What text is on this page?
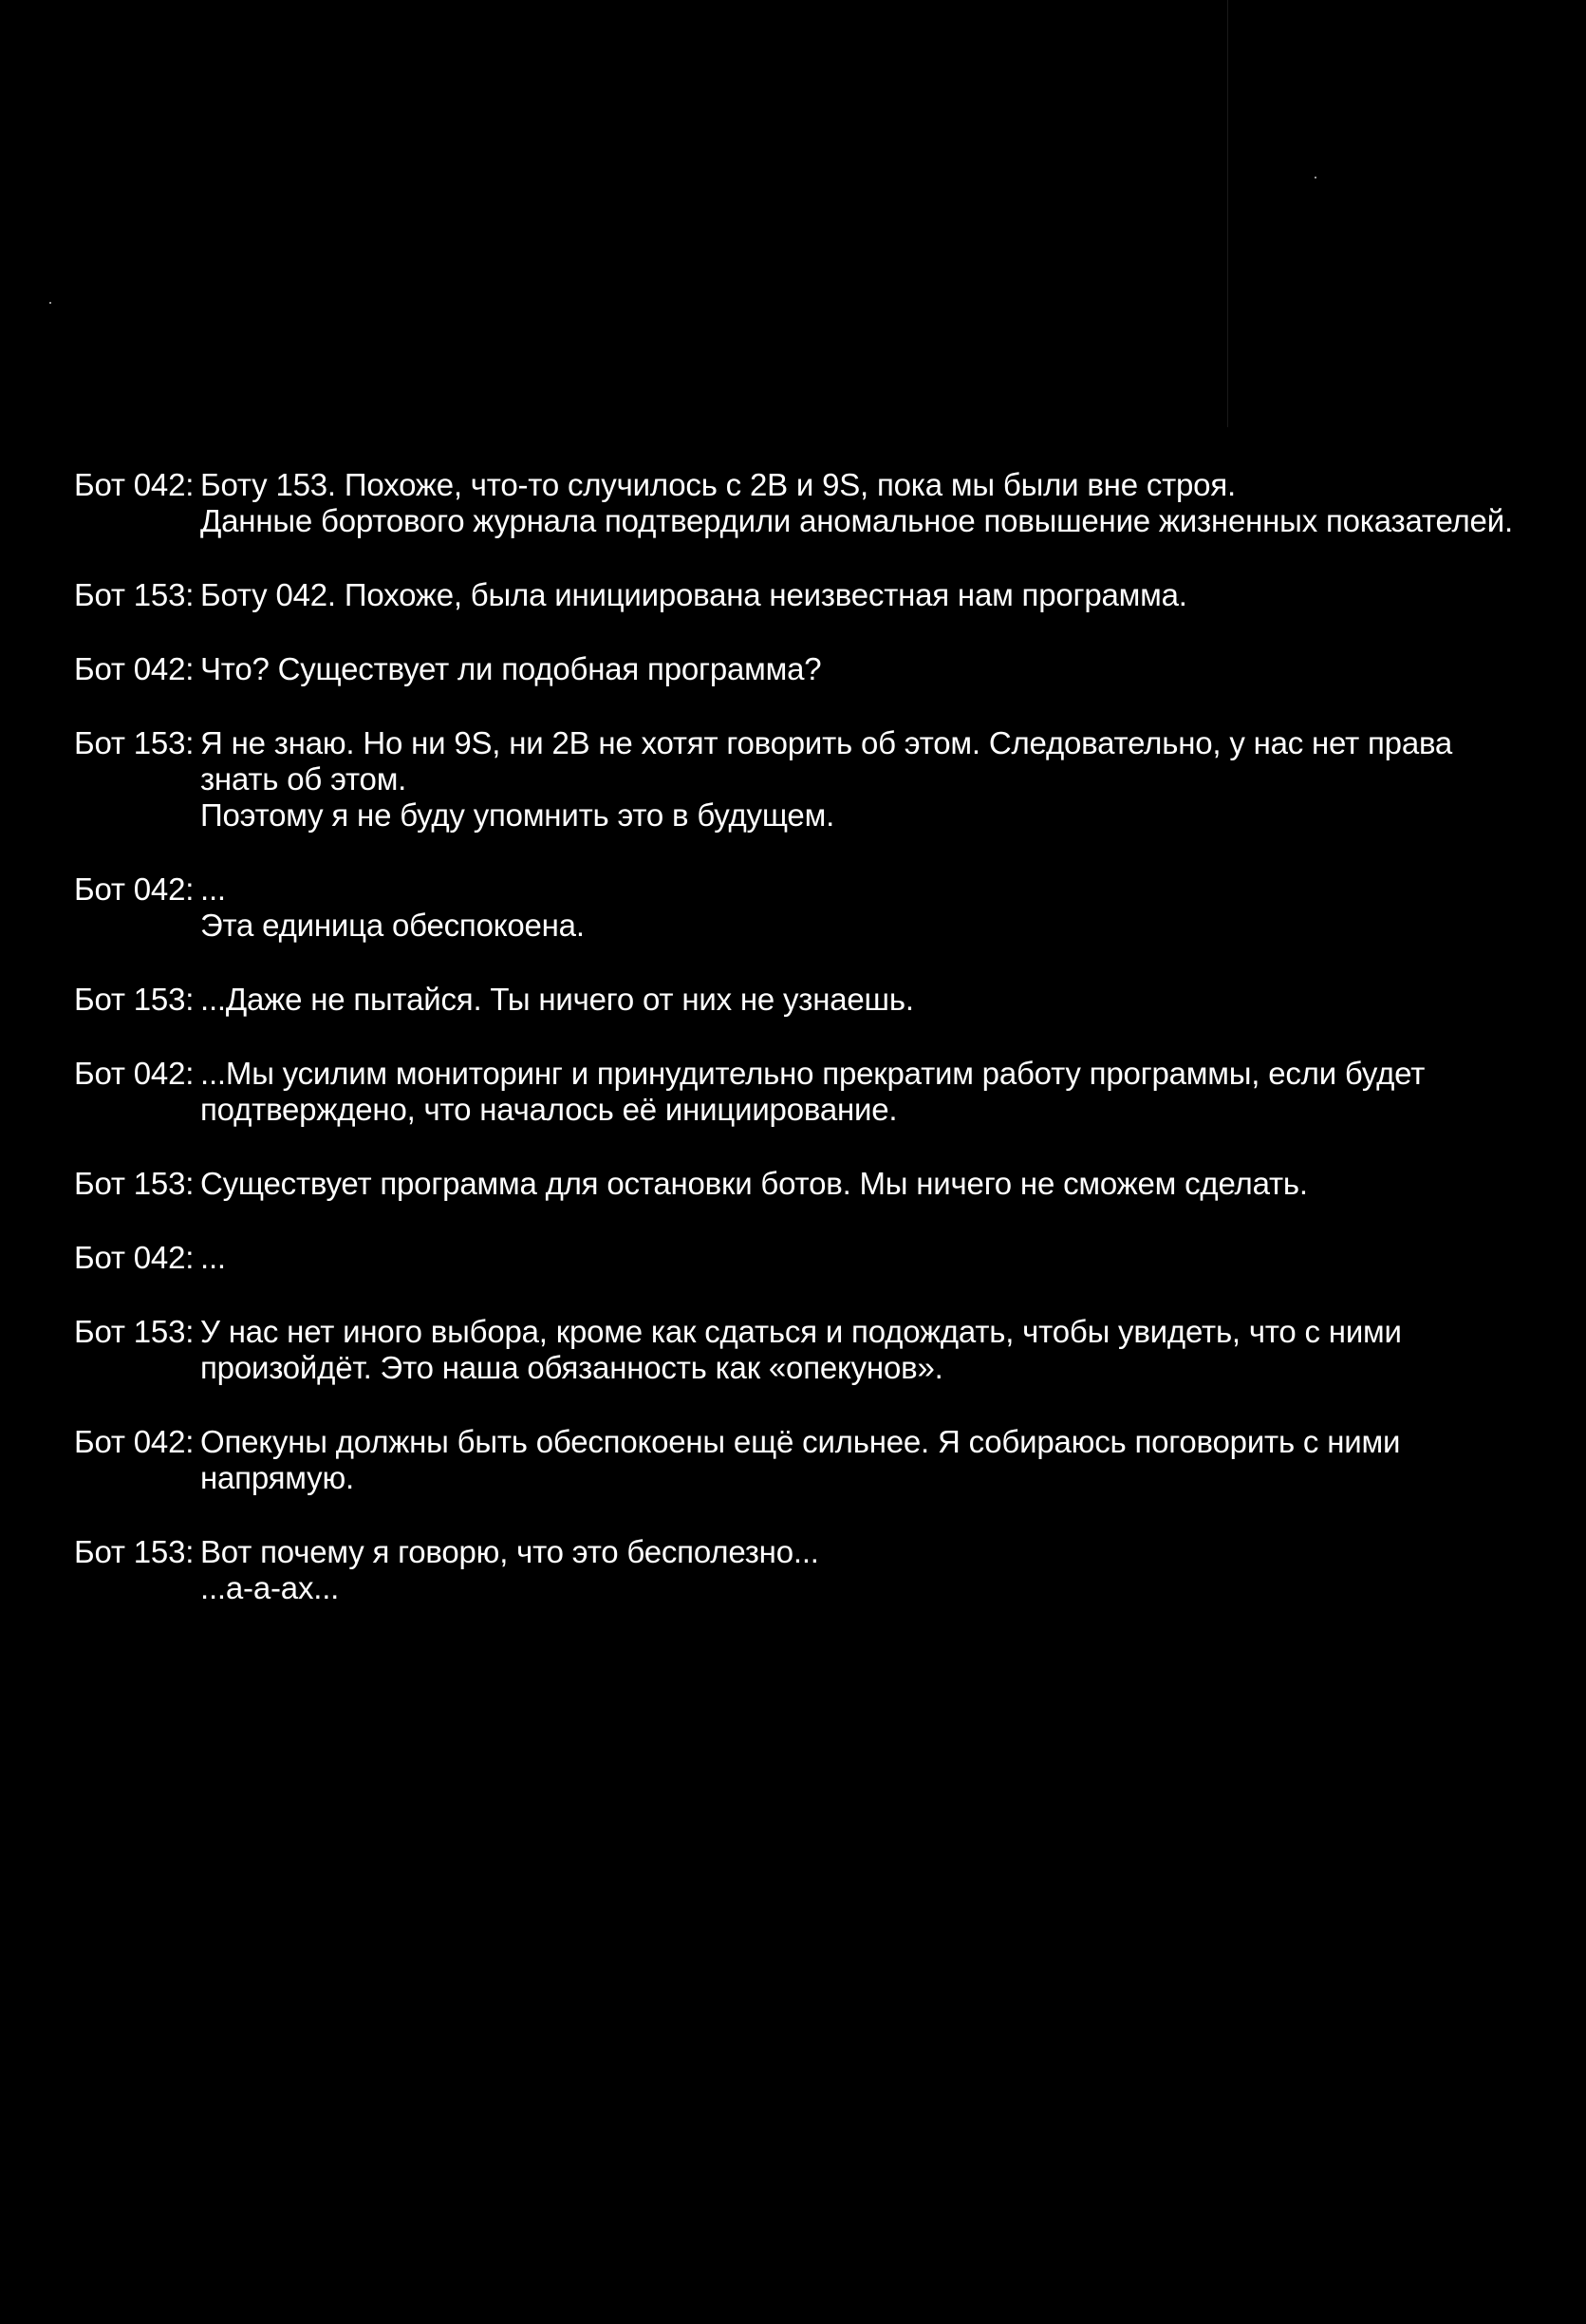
Бот 042: Боту 153. Похоже, что-то случилось с 2B и 9S, пока мы были вне строя.
Данные бортового журнала подтвердили аномальное повышение жизненных показателей.
Бот 153: Боту 042. Похоже, была инициирована неизвестная нам программа.
Бот 042: Что? Существует ли подобная программа?
Бот 153: Я не знаю. Но ни 9S, ни 2B не хотят говорить об этом. Следовательно, у нас нет права
знать об этом.
Поэтому я не буду упомнить это в будущем.
Бот 042: ...
Эта единица обеспокоена.
Бот 153: ...Даже не пытайся. Ты ничего от них не узнаешь.
Бот 042: ...Мы усилим мониторинг и принудительно прекратим работу программы, если будет
подтверждено, что началось её инициирование.
Бот 153: Существует программа для остановки ботов. Мы ничего не сможем сделать.
Бот 042: ...
Бот 153: У нас нет иного выбора, кроме как сдаться и подождать, чтобы увидеть, что с ними
произойдёт. Это наша обязанность как «опекунов».
Бот 042: Опекуны должны быть обеспокоены ещё сильнее. Я собираюсь поговорить с ними
напрямую.
Бот 153: Вот почему я говорю, что это бесполезно...
...а-а-ах...
